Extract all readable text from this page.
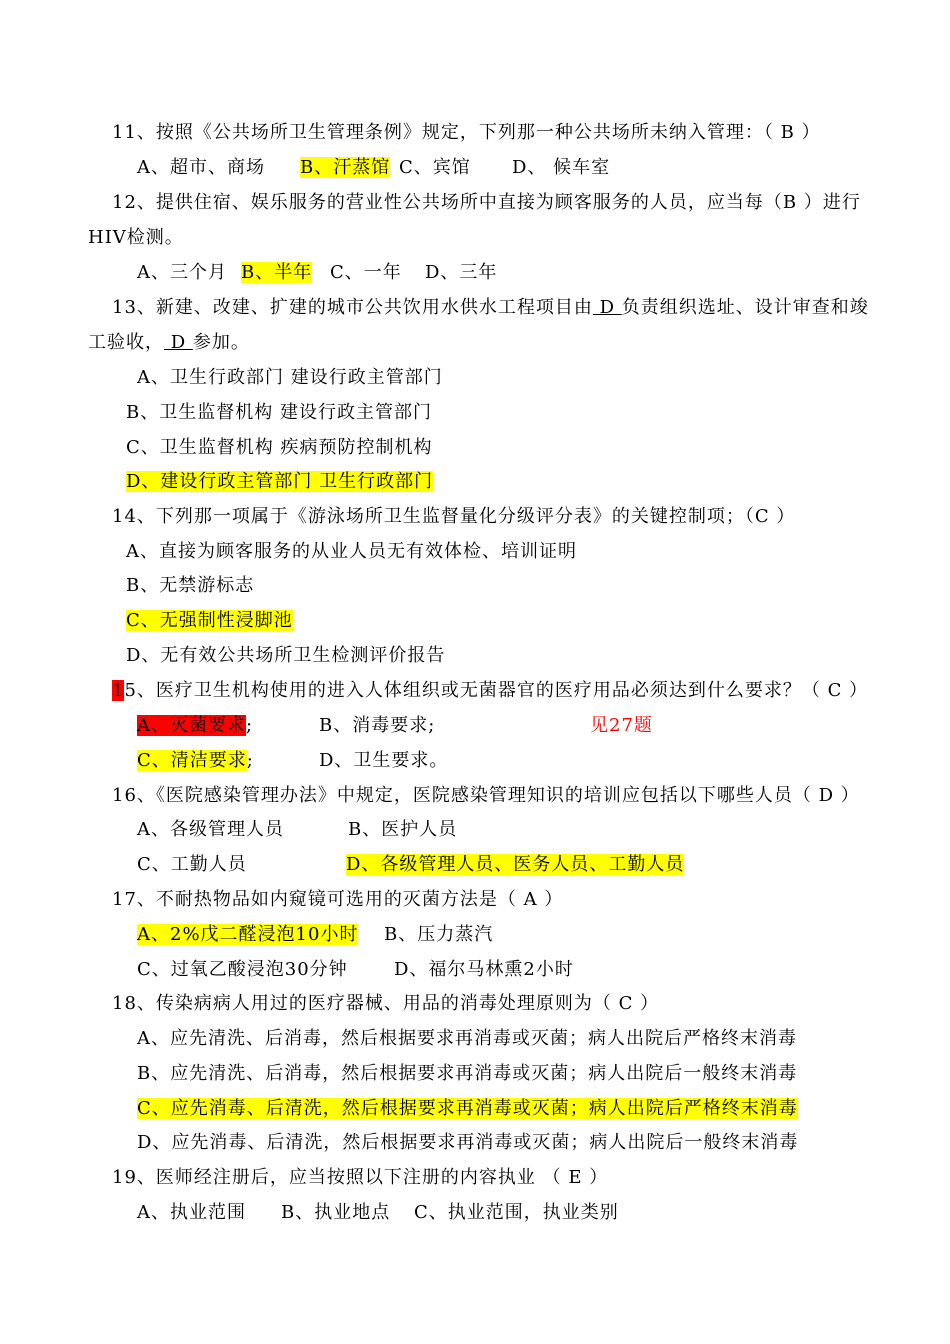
11、按照《公共场所卫生管理条例》规定，下列那一种公共场所未纳入管理：（ B ）
A、超市、商场 B、汗蒸馆 C、宾馆 D、 候车室
12、提供住宿、娱乐服务的营业性公共场所中直接为顾客服务的人员，应当每（B ）进行
HIV检测。
A、三个月 B、半年 C、一年 D、三年
13、新建、改建、扩建的城市公共饮用水供水工程项目由 D 负责组织选址、设计审查和竣
工验收， D 参加。
A、卫生行政部门 建设行政主管部门
B、卫生监督机构 建设行政主管部门
C、卫生监督机构 疾病预防控制机构
D、建设行政主管部门 卫生行政部门
14、下列那一项属于《游泳场所卫生监督量化分级评分表》的关键控制项；（C ）
A、直接为顾客服务的从业人员无有效体检、培训证明
B、无禁游标志
C、无强制性浸脚池
D、无有效公共场所卫生检测评价报告
15、医疗卫生机构使用的进入人体组织或无菌器官的医疗用品必须达到什么要求？（ C ）
A、灭菌要求;	B、消毒要求;	见27题
C、清洁要求;	D、卫生要求。
16、《医院感染管理办法》中规定，医院感染管理知识的培训应包括以下哪些人员（ D ）
A、各级管理人员	B、医护人员
C、工勤人员	D、各级管理人员、医务人员、工勤人员
17、不耐热物品如内窥镜可选用的灭菌方法是（ A ）
A、2%戊二醛浸泡10小时 B、压力蒸汽
C、过氧乙酸浸泡30分钟	D、福尔马林熏2小时
18、传染病病人用过的医疗器械、用品的消毒处理原则为（ C ）
A、应先清洗、后消毒，然后根据要求再消毒或灭菌；病人出院后严格终末消毒
B、应先清洗、后消毒，然后根据要求再消毒或灭菌；病人出院后一般终末消毒
C、应先消毒、后清洗，然后根据要求再消毒或灭菌；病人出院后严格终末消毒
D、应先消毒、后清洗，然后根据要求再消毒或灭菌；病人出院后一般终末消毒
19、医师经注册后，应当按照以下注册的内容执业 （ E ）
A、执业范围 B、执业地点 C、执业范围，执业类别
